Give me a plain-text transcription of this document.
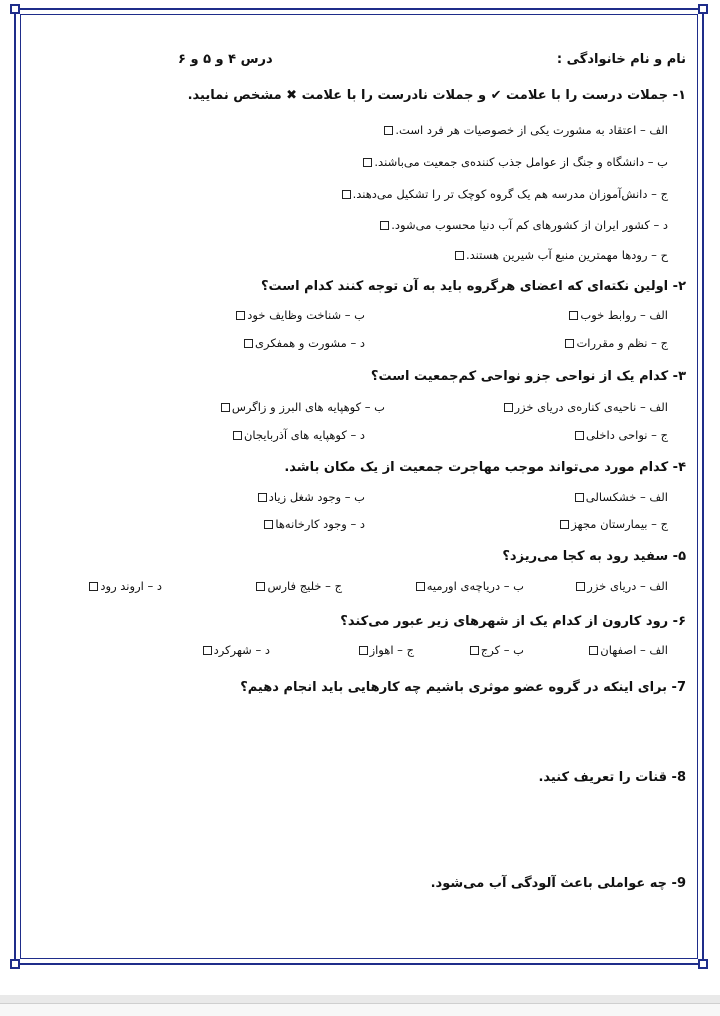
نام و نام خانوادگی :
درس ۴ و ۵ و ۶
۱- جملات درست را با علامت ✔ و جملات نادرست را با علامت ✖ مشخص نمایید.
الف – اعتقاد به مشورت یکی از خصوصیات هر فرد است.
ب – دانشگاه و جنگ از عوامل جذب کننده‌ی جمعیت می‌باشند.
ج – دانش‌آموزان مدرسه هم یک گروه کوچک تر را تشکیل می‌دهند.
د – کشور ایران از کشورهای کم آب دنیا محسوب می‌شود.
ح – رودها مهمترین منبع آب شیرین هستند.
۲- اولین نکته‌ای که اعضای هرگروه باید به آن توجه کنند کدام است؟
الف – روابط خوب
ب – شناخت وظایف خود
ج – نظم و مقررات
د – مشورت و همفکری
۳- کدام یک از نواحی جزو نواحی کم‌جمعیت است؟
الف – ناحیه‌ی کناره‌ی دریای خزر
ب – کوهپایه های البرز و زاگرس
ج – نواحی داخلی
د – کوهپایه های آذربایجان
۴- کدام مورد می‌تواند موجب مهاجرت جمعیت از یک مکان باشد.
الف – خشکسالی
ب – وجود شغل زیاد
ج – بیمارستان مجهز
د – وجود کارخانه‌ها
۵- سفید رود به کجا می‌ریزد؟
الف – دریای خزر
ب – دریاچه‌ی اورمیه
ج – خلیج فارس
د – اروند رود
۶- رود کارون از کدام یک از شهرهای زیر عبور می‌کند؟
الف – اصفهان
ب – کرج
ج – اهواز
د – شهرکرد
7- برای اینکه در گروه عضو موثری باشیم چه کارهایی باید انجام دهیم؟
8- قنات را تعریف کنید.
9- چه عواملی باعث آلودگی آب می‌شود.
